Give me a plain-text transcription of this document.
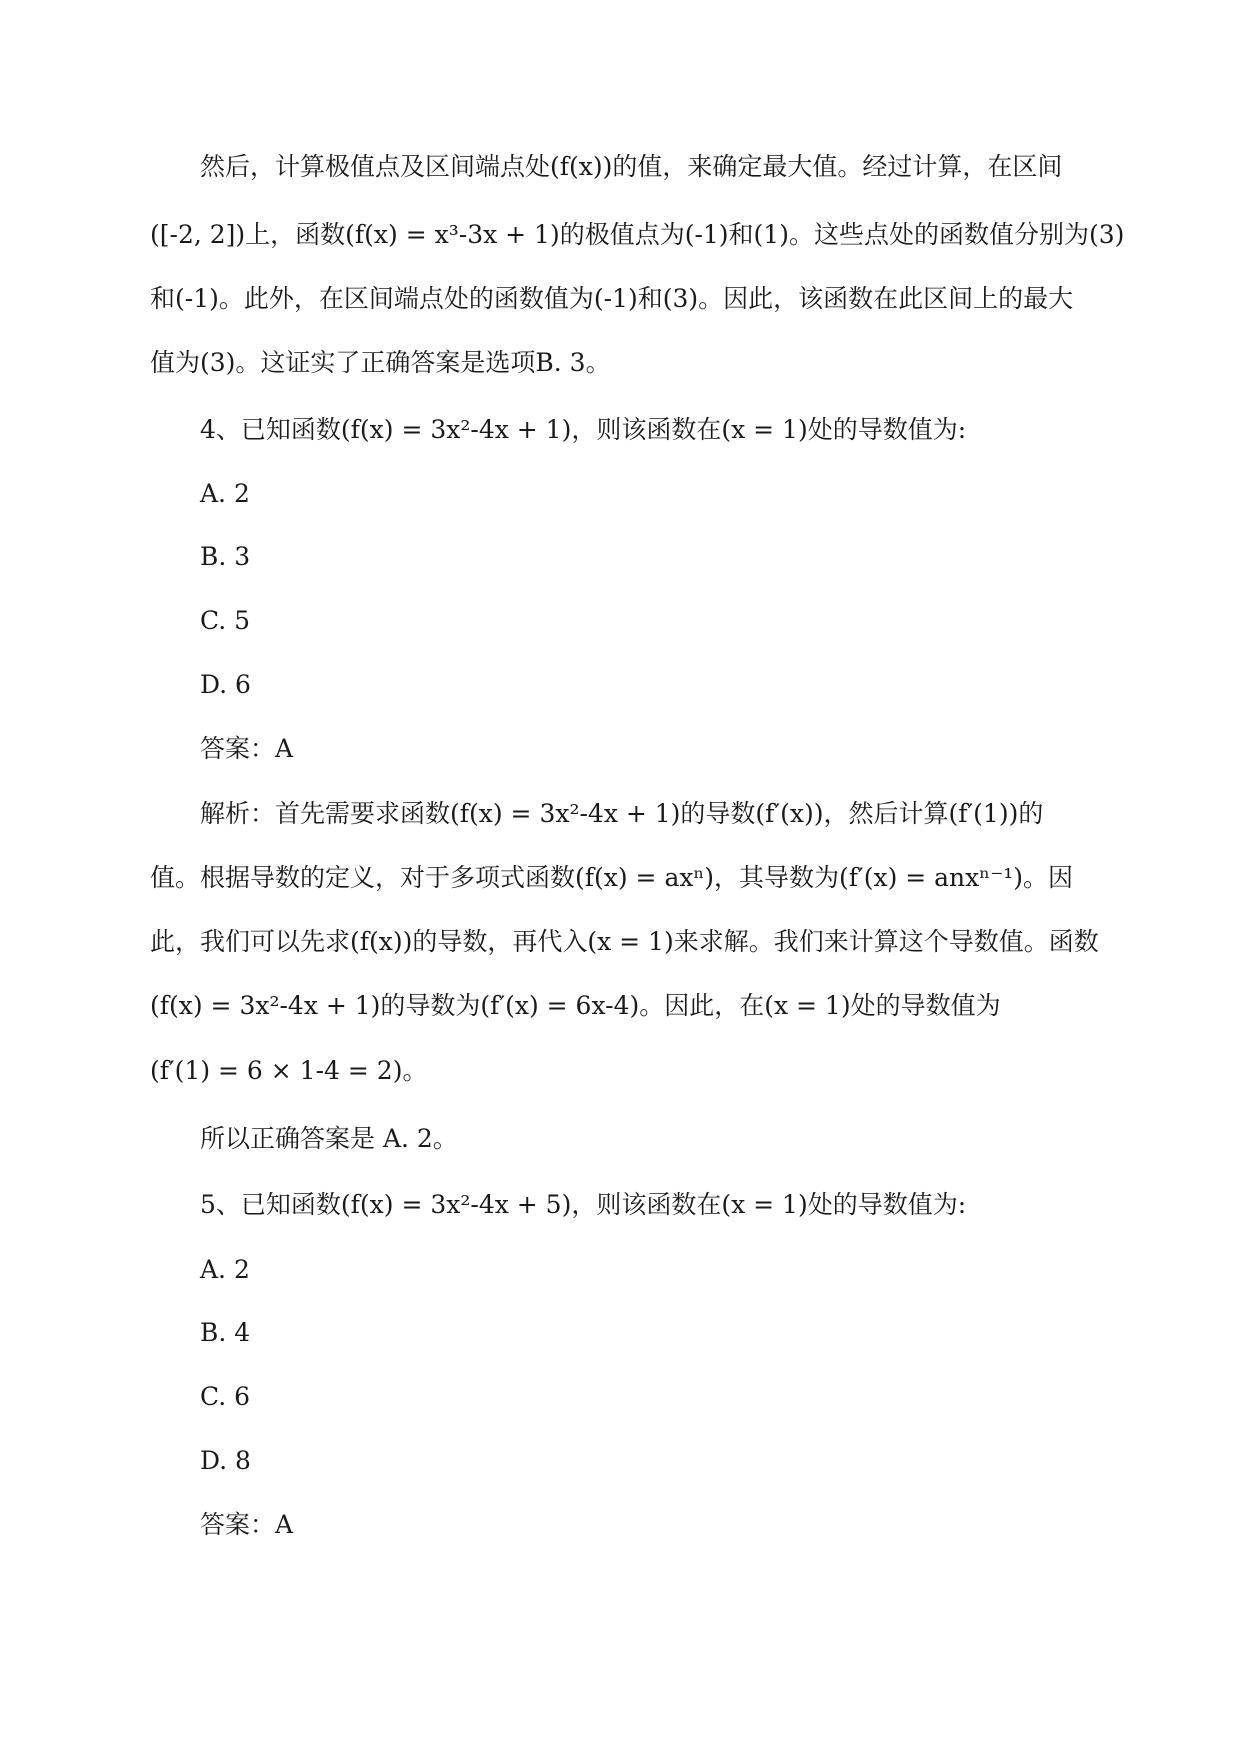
然后，计算极值点及区间端点处(f(x))的值，来确定最大值。经过计算，在区间
([-2, 2])上，函数(f(x) = x³-3x + 1)的极值点为(-1)和(1)。这些点处的函数值分别为(3)
和(-1)。此外，在区间端点处的函数值为(-1)和(3)。因此，该函数在此区间上的最大
值为(3)。这证实了正确答案是选项B. 3。
4、已知函数(f(x) = 3x²-4x + 1)，则该函数在(x = 1)处的导数值为:
A. 2
B. 3
C. 5
D. 6
答案：A
解析：首先需要求函数(f(x) = 3x²-4x + 1)的导数(f′(x))，然后计算(f′(1))的
值。根据导数的定义，对于多项式函数(f(x) = axⁿ)，其导数为(f′(x) = anxⁿ⁻¹)。因
此，我们可以先求(f(x))的导数，再代入(x = 1)来求解。我们来计算这个导数值。函数
(f(x) = 3x²-4x + 1)的导数为(f′(x) = 6x-4)。因此，在(x = 1)处的导数值为
(f′(1) = 6 × 1-4 = 2)。
所以正确答案是 A. 2。
5、已知函数(f(x) = 3x²-4x + 5)，则该函数在(x = 1)处的导数值为:
A. 2
B. 4
C. 6
D. 8
答案：A
